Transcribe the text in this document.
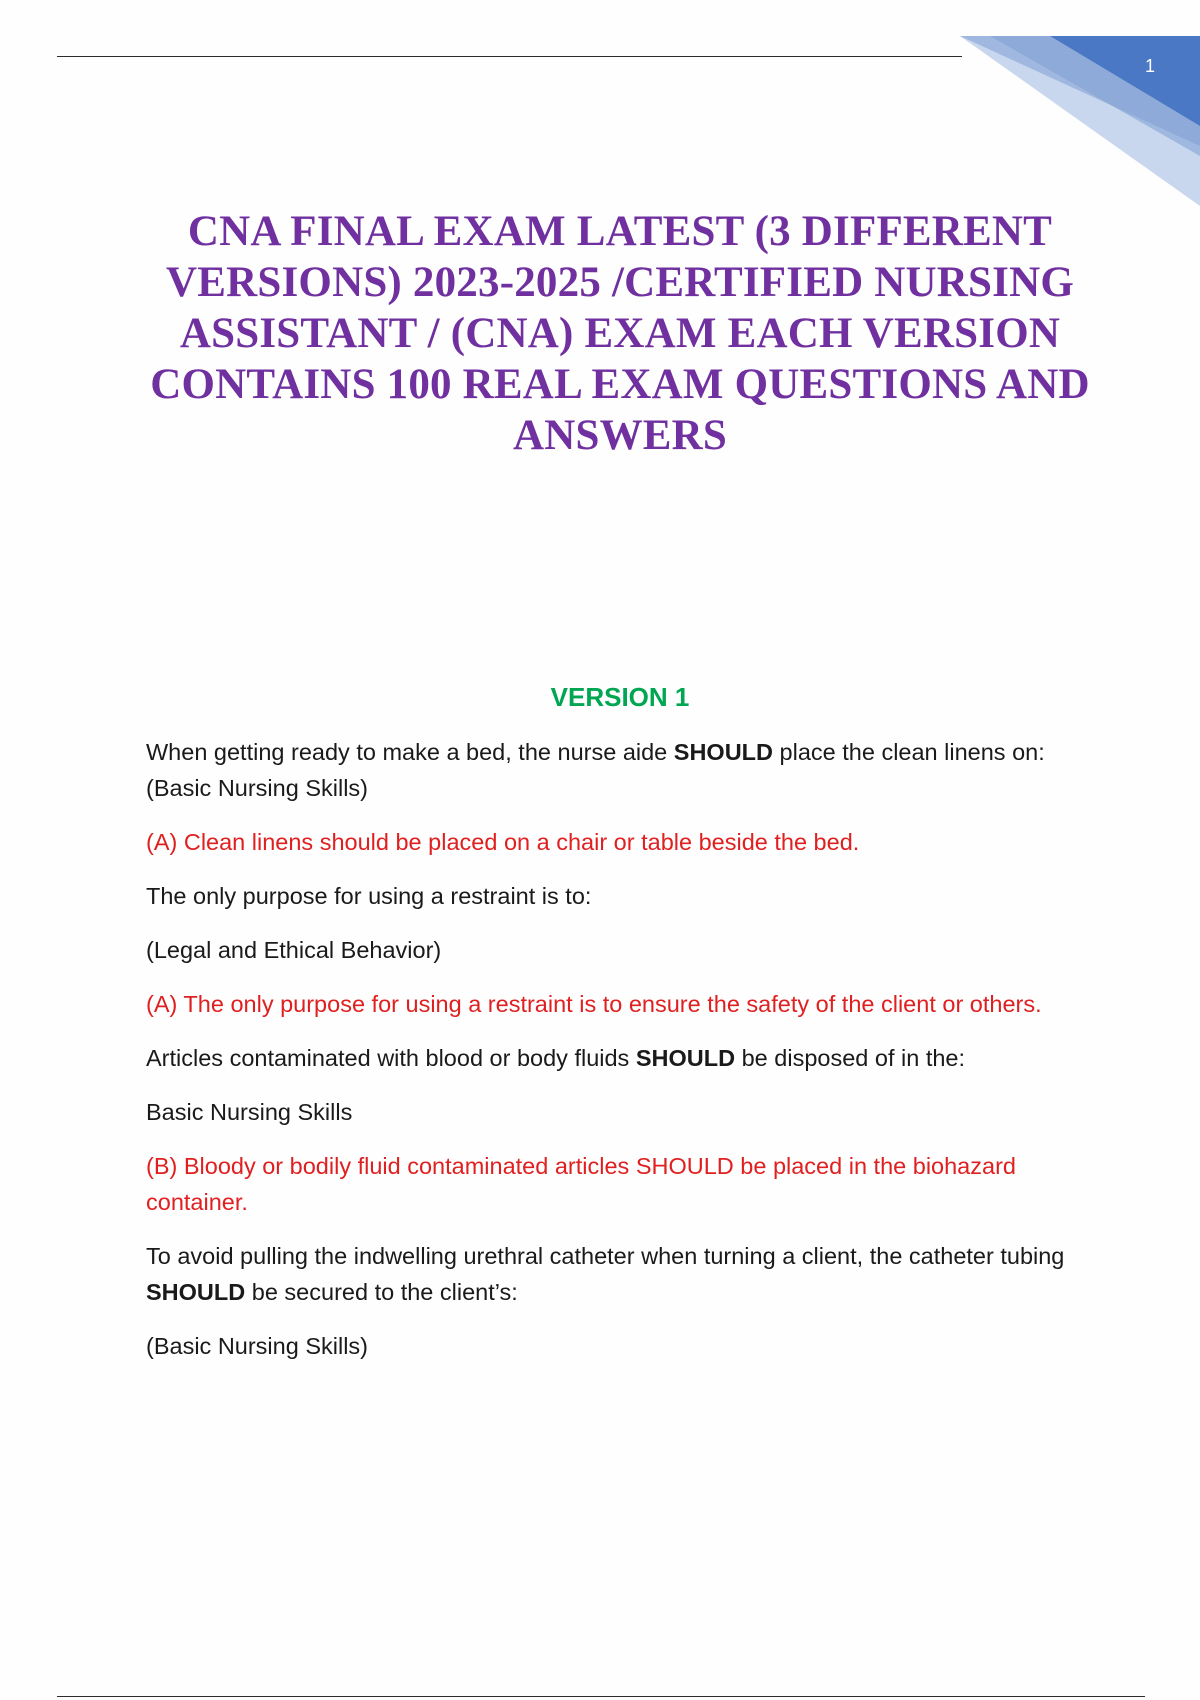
1
CNA FINAL EXAM LATEST (3 DIFFERENT VERSIONS) 2023-2025 /CERTIFIED NURSING ASSISTANT / (CNA) EXAM EACH VERSION CONTAINS 100 REAL EXAM QUESTIONS AND ANSWERS
VERSION 1

When getting ready to make a bed, the nurse aide SHOULD place the clean linens on: (Basic Nursing Skills)

(A) Clean linens should be placed on a chair or table beside the bed.

The only purpose for using a restraint is to:

(Legal and Ethical Behavior)

(A) The only purpose for using a restraint is to ensure the safety of the client or others.

Articles contaminated with blood or body fluids SHOULD be disposed of in the:

Basic Nursing Skills

(B) Bloody or bodily fluid contaminated articles SHOULD be placed in the biohazard container.

To avoid pulling the indwelling urethral catheter when turning a client, the catheter tubing SHOULD be secured to the client’s:

(Basic Nursing Skills)
